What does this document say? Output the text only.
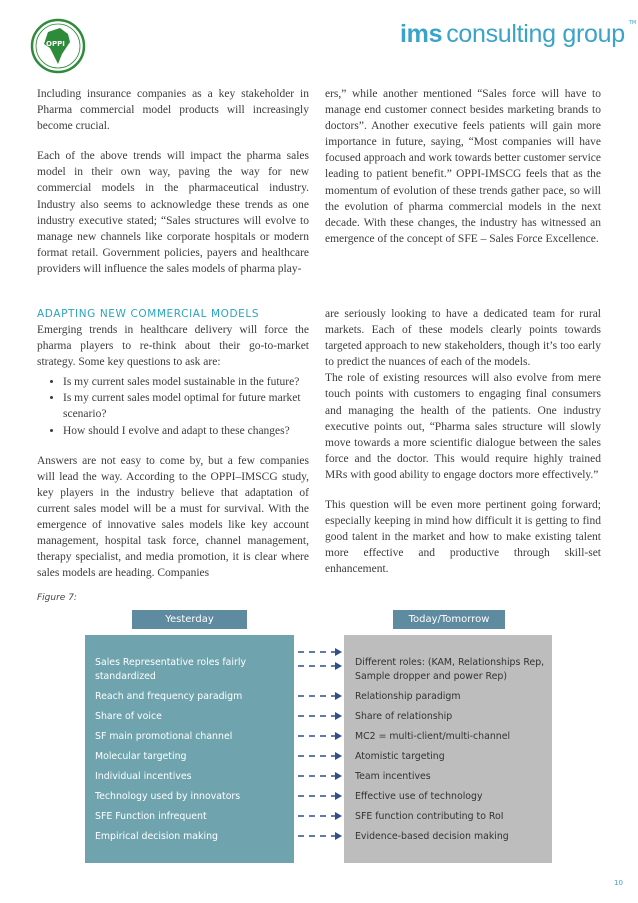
OPPI	ims consulting group ™

Including insurance companies as a key stakeholder in Pharma commercial model products will increasingly become crucial.

Each of the above trends will impact the pharma sales model in their own way, paving the way for new commercial models in the pharmaceutical industry. Industry also seems to acknowledge these trends as one industry executive stated; “Sales structures will evolve to manage new channels like corporate hospitals or modern format retail. Government policies, payers and healthcare providers will influence the sales models of pharma play-

ers,” while another mentioned “Sales force will have to manage end customer connect besides marketing brands to doctors”. Another executive feels patients will gain more importance in future, saying, “Most companies will have focused approach and work towards better customer service leading to patient benefit.” OPPI-IMSCG feels that as the momentum of evolution of these trends gather pace, so will the evolution of pharma commercial models in the next decade. With these changes, the industry has witnessed an emergence of the concept of SFE – Sales Force Excellence.

ADAPTING NEW COMMERCIAL MODELS

Emerging trends in healthcare delivery will force the pharma players to re-think about their go-to-market strategy. Some key questions to ask are:

• Is my current sales model sustainable in the future?
• Is my current sales model optimal for future market scenario?
• How should I evolve and adapt to these changes?

Answers are not easy to come by, but a few companies will lead the way. According to the OPPI–IMSCG study, key players in the industry believe that adaptation of current sales model will be a must for survival. With the emergence of innovative sales models like key account management, hospital task force, channel management, therapy specialist, and media promotion, it is clear where sales models are heading. Companies

are seriously looking to have a dedicated team for rural markets. Each of these models clearly points towards targeted approach to new stakeholders, though it’s too early to predict the nuances of each of the models.

The role of existing resources will also evolve from mere touch points with customers to engaging final consumers and managing the health of the patients. One industry executive points out, “Pharma sales structure will slowly move towards a more scientific dialogue between the sales force and the doctor. This would require highly trained MRs with good ability to engage doctors more effectively.”

This question will be even more pertinent going forward; especially keeping in mind how difficult it is getting to find good talent in the market and how to make existing talent more effective and productive through skill-set enhancement.

Figure 7:
Yesterday	Today/Tomorrow
Sales Representative roles fairly standardized
Reach and frequency paradigm
Share of voice
SF main promotional channel
Molecular targeting
Individual incentives
Technology used by innovators
SFE Function infrequent
Empirical decision making
Different roles: (KAM, Relationships Rep, Sample dropper and power Rep)
Relationship paradigm
Share of relationship
MC2 = multi-client/multi-channel
Atomistic targeting
Team incentives
Effective use of technology
SFE function contributing to RoI
Evidence-based decision making
10
